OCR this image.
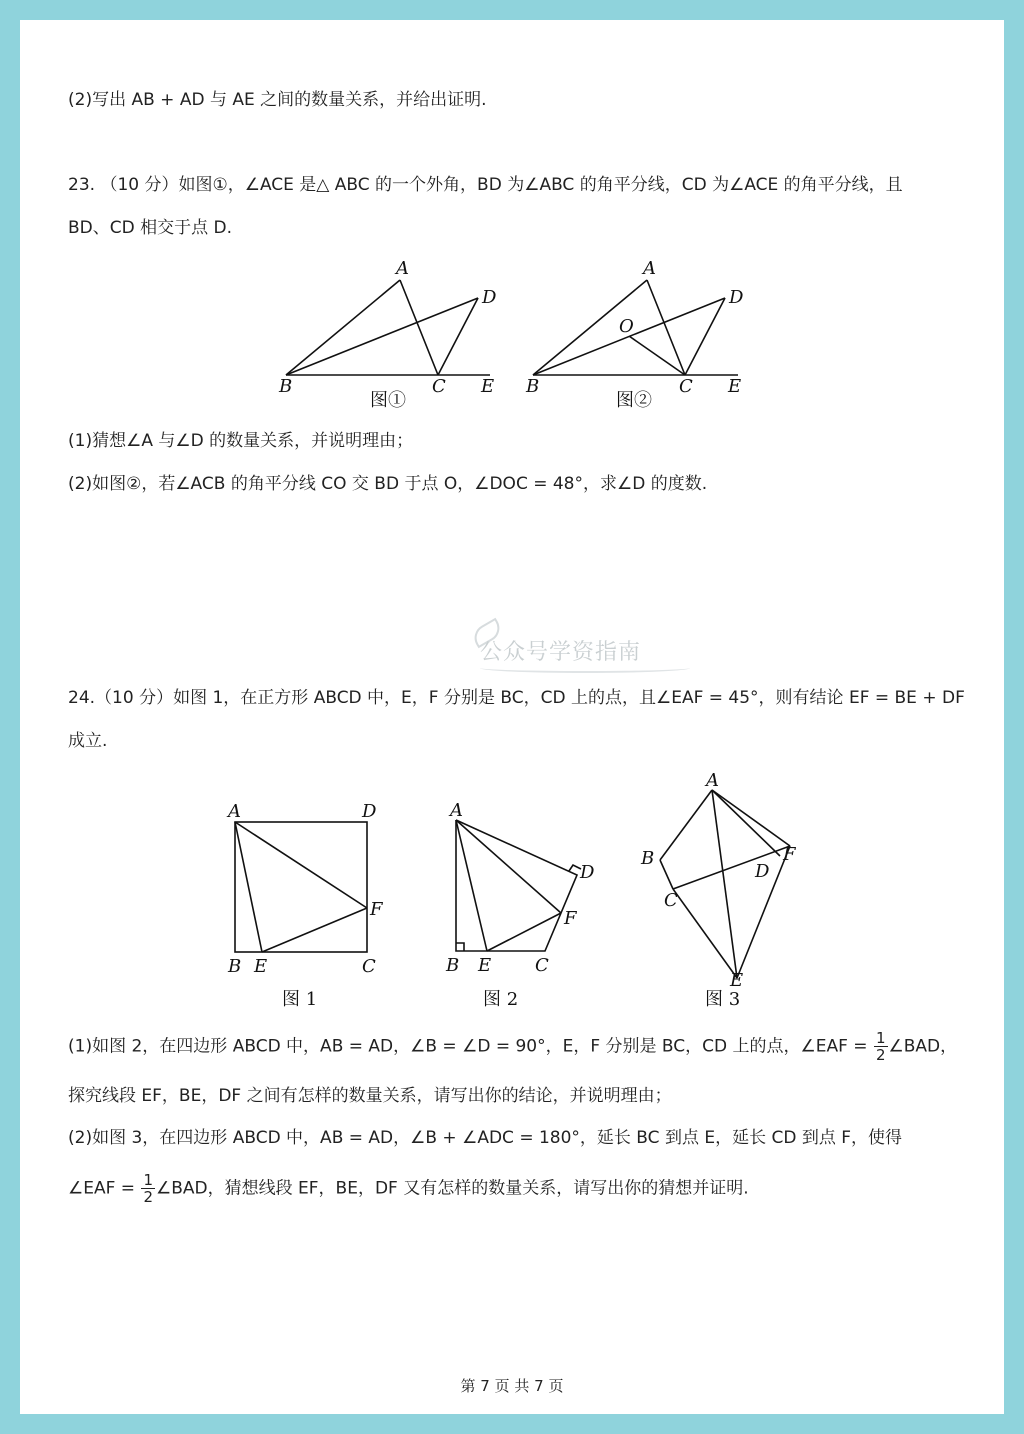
(2)写出 AB + AD 与 AE 之间的数量关系，并给出证明.
23. （10 分）如图①，∠ACE 是△ ABC 的一个外角，BD 为∠ABC 的角平分线，CD 为∠ACE 的角平分线，且
BD、CD 相交于点 D.
A
D
B	C E
图①
A
D
O
B	C E
图②
A	D
F
B E	C
图 1
A
D
F
B E C
图 2
A
B	F
D
C
E
图 3
(1)猜想∠A 与∠D 的数量关系，并说明理由；
(2)如图②，若∠ACB 的角平分线 CO 交 BD 于点 O，∠DOC = 48°，求∠D 的度数.
公众号学资指南
24.（10 分）如图 1，在正方形 ABCD 中，E，F 分别是 BC，CD 上的点，且∠EAF = 45°，则有结论 EF = BE + DF
成立.
(1)如图 2，在四边形 ABCD 中，AB = AD，∠B = ∠D = 90°，E，F 分别是 BC，CD 上的点，∠EAF = $\frac{1}{2}$ ∠BAD，
探究线段 EF，BE，DF 之间有怎样的数量关系，请写出你的结论，并说明理由；
(2)如图 3，在四边形 ABCD 中，AB = AD，∠B + ∠ADC = 180°，延长 BC 到点 E，延长 CD 到点 F，使得
∠EAF = $\frac{1}{2}$ ∠BAD，猜想线段 EF，BE，DF 又有怎样的数量关系，请写出你的猜想并证明.
第 7 页 共 7 页
